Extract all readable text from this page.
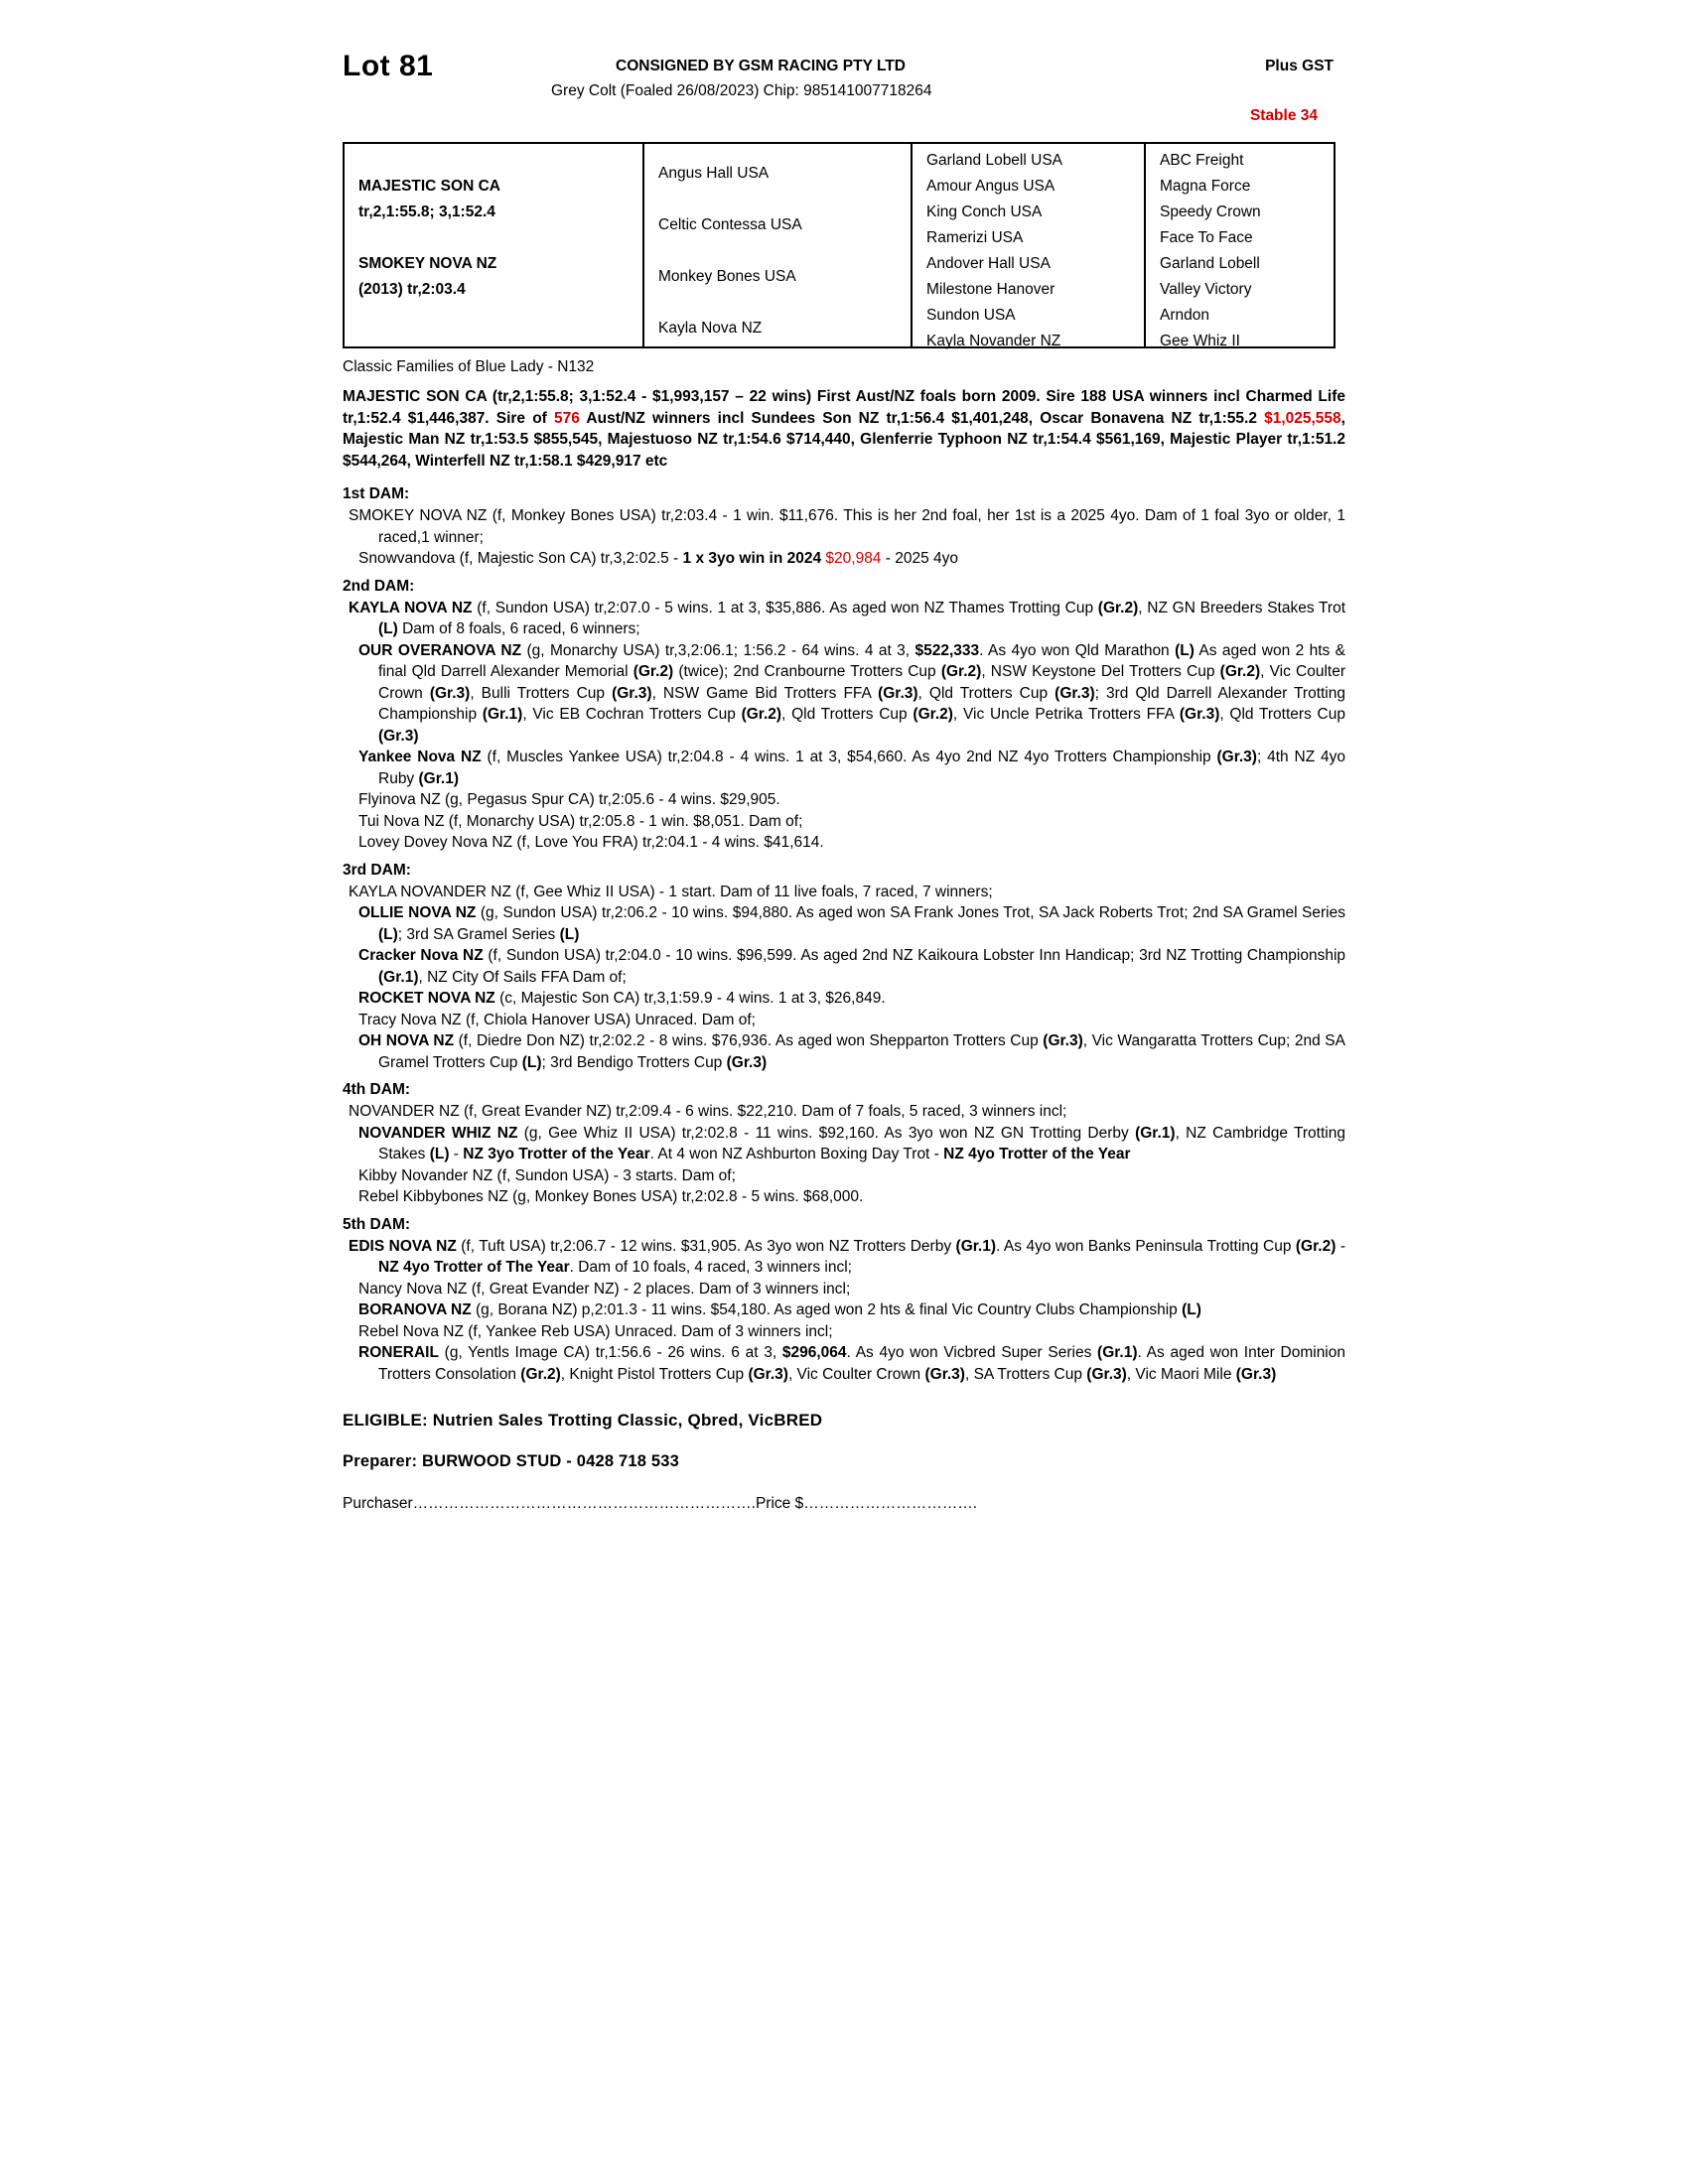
Lot 81	CONSIGNED BY GSM RACING PTY LTD	Plus GST
Grey Colt (Foaled 26/08/2023) Chip: 985141007718264
Stable 34
MAJESTIC SON CA
tr,2,1:55.8; 3,1:52.4
SMOKEY NOVA NZ
(2013) tr,2:03.4
Angus Hall USA
Celtic Contessa USA
Monkey Bones USA
Kayla Nova NZ
Garland Lobell USA
Amour Angus USA
King Conch USA
Ramerizi USA
Andover Hall USA
Milestone Hanover
Sundon USA
Kayla Novander NZ
ABC Freight
Magna Force
Speedy Crown
Face To Face
Garland Lobell
Valley Victory
Arndon
Gee Whiz II
Classic Families of Blue Lady - N132
MAJESTIC SON CA (tr,2,1:55.8; 3,1:52.4 - $1,993,157 – 22 wins) First Aust/NZ foals born 2009. Sire 188 USA winners incl Charmed Life tr,1:52.4 $1,446,387. Sire of 576 Aust/NZ winners incl Sundees Son NZ tr,1:56.4 $1,401,248, Oscar Bonavena NZ tr,1:55.2 $1,025,558, Majestic Man NZ tr,1:53.5 $855,545, Majestuoso NZ tr,1:54.6 $714,440, Glenferrie Typhoon NZ tr,1:54.4 $561,169, Majestic Player tr,1:51.2 $544,264, Winterfell NZ tr,1:58.1 $429,917 etc
1st DAM:

SMOKEY NOVA NZ (f, Monkey Bones USA) tr,2:03.4 - 1 win. $11,676. This is her 2nd foal, her 1st is a 2025 4yo. Dam of 1 foal 3yo or older, 1 raced,1 winner;

Snowvandova (f, Majestic Son CA) tr,3,2:02.5 - 1 x 3yo win in 2024 $20,984 - 2025 4yo

2nd DAM:

KAYLA NOVA NZ (f, Sundon USA) tr,2:07.0 - 5 wins. 1 at 3, $35,886. As aged won NZ Thames Trotting Cup (Gr.2), NZ GN Breeders Stakes Trot (L) Dam of 8 foals, 6 raced, 6 winners;

OUR OVERANOVA NZ (g, Monarchy USA) tr,3,2:06.1; 1:56.2 - 64 wins. 4 at 3, $522,333. As 4yo won Qld Marathon (L) As aged won 2 hts & final Qld Darrell Alexander Memorial (Gr.2) (twice); 2nd Cranbourne Trotters Cup (Gr.2), NSW Keystone Del Trotters Cup (Gr.2), Vic Coulter Crown (Gr.3), Bulli Trotters Cup (Gr.3), NSW Game Bid Trotters FFA (Gr.3), Qld Trotters Cup (Gr.3); 3rd Qld Darrell Alexander Trotting Championship (Gr.1), Vic EB Cochran Trotters Cup (Gr.2), Qld Trotters Cup (Gr.2), Vic Uncle Petrika Trotters FFA (Gr.3), Qld Trotters Cup (Gr.3)

Yankee Nova NZ (f, Muscles Yankee USA) tr,2:04.8 - 4 wins. 1 at 3, $54,660. As 4yo 2nd NZ 4yo Trotters Championship (Gr.3); 4th NZ 4yo Ruby (Gr.1)

Flyinova NZ (g, Pegasus Spur CA) tr,2:05.6 - 4 wins. $29,905.

Tui Nova NZ (f, Monarchy USA) tr,2:05.8 - 1 win. $8,051. Dam of;

Lovey Dovey Nova NZ (f, Love You FRA) tr,2:04.1 - 4 wins. $41,614.

3rd DAM:

KAYLA NOVANDER NZ (f, Gee Whiz II USA) - 1 start. Dam of 11 live foals, 7 raced, 7 winners;

OLLIE NOVA NZ (g, Sundon USA) tr,2:06.2 - 10 wins. $94,880. As aged won SA Frank Jones Trot, SA Jack Roberts Trot; 2nd SA Gramel Series (L); 3rd SA Gramel Series (L)

Cracker Nova NZ (f, Sundon USA) tr,2:04.0 - 10 wins. $96,599. As aged 2nd NZ Kaikoura Lobster Inn Handicap; 3rd NZ Trotting Championship (Gr.1), NZ City Of Sails FFA Dam of;

ROCKET NOVA NZ (c, Majestic Son CA) tr,3,1:59.9 - 4 wins. 1 at 3, $26,849.

Tracy Nova NZ (f, Chiola Hanover USA) Unraced. Dam of;

OH NOVA NZ (f, Diedre Don NZ) tr,2:02.2 - 8 wins. $76,936. As aged won Shepparton Trotters Cup (Gr.3), Vic Wangaratta Trotters Cup; 2nd SA Gramel Trotters Cup (L); 3rd Bendigo Trotters Cup (Gr.3)

4th DAM:

NOVANDER NZ (f, Great Evander NZ) tr,2:09.4 - 6 wins. $22,210. Dam of 7 foals, 5 raced, 3 winners incl;

NOVANDER WHIZ NZ (g, Gee Whiz II USA) tr,2:02.8 - 11 wins. $92,160. As 3yo won NZ GN Trotting Derby (Gr.1), NZ Cambridge Trotting Stakes (L) - NZ 3yo Trotter of the Year. At 4 won NZ Ashburton Boxing Day Trot - NZ 4yo Trotter of the Year

Kibby Novander NZ (f, Sundon USA) - 3 starts. Dam of;

Rebel Kibbybones NZ (g, Monkey Bones USA) tr,2:02.8 - 5 wins. $68,000.

5th DAM:

EDIS NOVA NZ (f, Tuft USA) tr,2:06.7 - 12 wins. $31,905. As 3yo won NZ Trotters Derby (Gr.1). As 4yo won Banks Peninsula Trotting Cup (Gr.2) - NZ 4yo Trotter of The Year. Dam of 10 foals, 4 raced, 3 winners incl;

Nancy Nova NZ (f, Great Evander NZ) - 2 places. Dam of 3 winners incl;

BORANOVA NZ (g, Borana NZ) p,2:01.3 - 11 wins. $54,180. As aged won 2 hts & final Vic Country Clubs Championship (L)

Rebel Nova NZ (f, Yankee Reb USA) Unraced. Dam of 3 winners incl;

RONERAIL (g, Yentls Image CA) tr,1:56.6 - 26 wins. 6 at 3, $296,064. As 4yo won Vicbred Super Series (Gr.1). As aged won Inter Dominion Trotters Consolation (Gr.2), Knight Pistol Trotters Cup (Gr.3), Vic Coulter Crown (Gr.3), SA Trotters Cup (Gr.3), Vic Maori Mile (Gr.3)

ELIGIBLE: Nutrien Sales Trotting Classic, Qbred, VicBRED
Preparer: BURWOOD STUD - 0428 718 533
Purchaser………………………………………………………….Price $…………………………….
